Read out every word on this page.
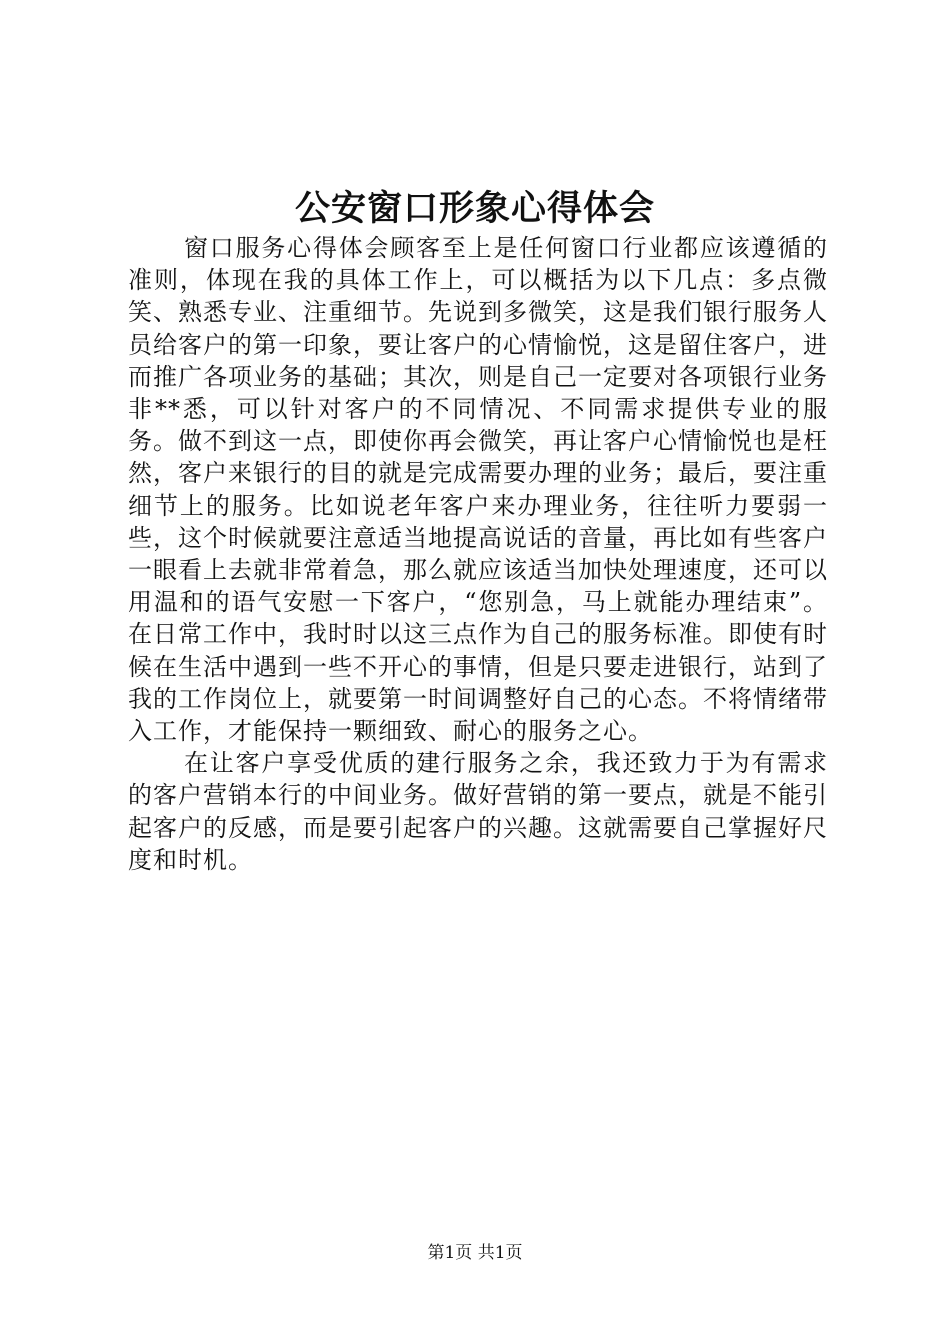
公安窗口形象心得体会

窗口服务心得体会顾客至上是任何窗口行业都应该遵循的准则，体现在我的具体工作上，可以概括为以下几点：多点微笑、熟悉专业、注重细节。先说到多微笑，这是我们银行服务人员给客户的第一印象，要让客户的心情愉悦，这是留住客户，进而推广各项业务的基础；其次，则是自己一定要对各项银行业务非**悉，可以针对客户的不同情况、不同需求提供专业的服务。做不到这一点，即使你再会微笑，再让客户心情愉悦也是枉然，客户来银行的目的就是完成需要办理的业务；最后，要注重细节上的服务。比如说老年客户来办理业务，往往听力要弱一些，这个时候就要注意适当地提高说话的音量，再比如有些客户一眼看上去就非常着急，那么就应该适当加快处理速度，还可以用温和的语气安慰一下客户，“您别急，马上就能办理结束”。在日常工作中，我时时以这三点作为自己的服务标准。即使有时候在生活中遇到一些不开心的事情，但是只要走进银行，站到了我的工作岗位上，就要第一时间调整好自己的心态。不将情绪带入工作，才能保持一颗细致、耐心的服务之心。

在让客户享受优质的建行服务之余，我还致力于为有需求的客户营销本行的中间业务。做好营销的第一要点，就是不能引起客户的反感，而是要引起客户的兴趣。这就需要自己掌握好尺度和时机。

第1页 共1页
